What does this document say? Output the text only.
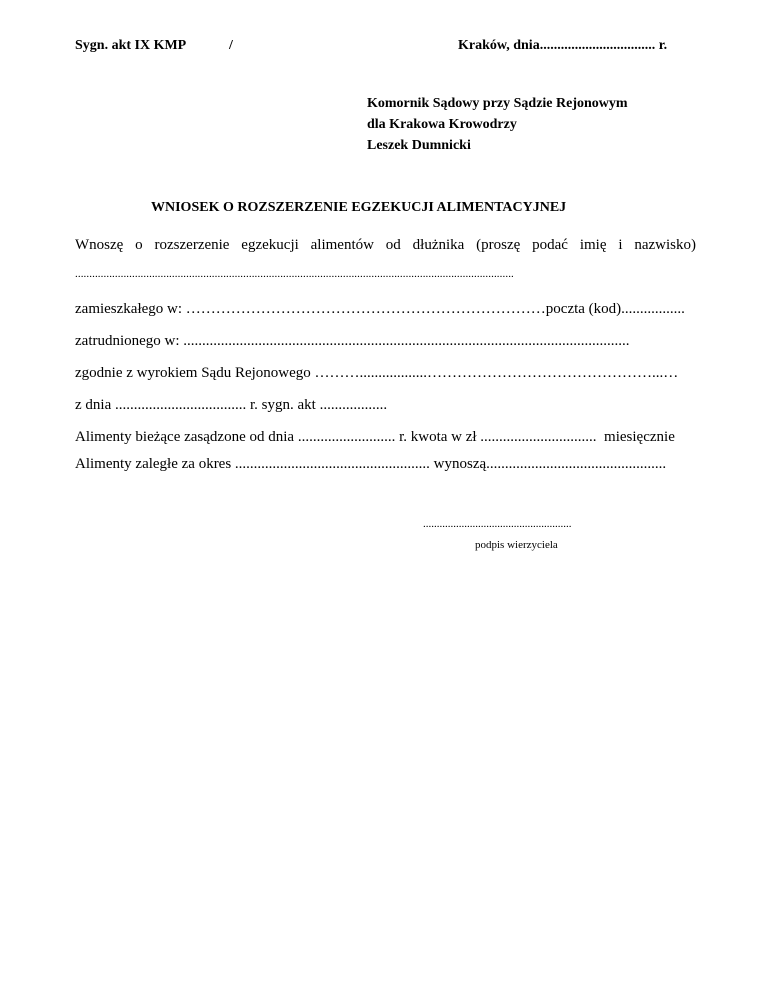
Sygn. akt IX KMP	/	Kraków, dnia................................. r.
Komornik Sądowy przy Sądzie Rejonowym
dla Krakowa Krowodrzy
Leszek Dumnicki
WNIOSEK O ROZSZERZENIE EGZEKUCJI ALIMENTACYJNEJ
Wnoszę o rozszerzenie egzekucji alimentów od dłużnika (proszę podać imię i nazwisko)
..........................................................................................................................................................
zamieszkałego w: ………………………………………………………………poczta (kod).................
zatrudnionego w: .......................................................................................................................
zgodnie z wyrokiem Sądu Rejonowego ………..................………………………………………...…
z dnia ................................... r. sygn. akt ..................
Alimenty bieżące zasądzone od dnia .......................... r. kwota w zł ...............................  miesięcznie
Alimenty zaległe za okres .................................................... wynoszą................................................
......................................................
podpis wierzyciela
